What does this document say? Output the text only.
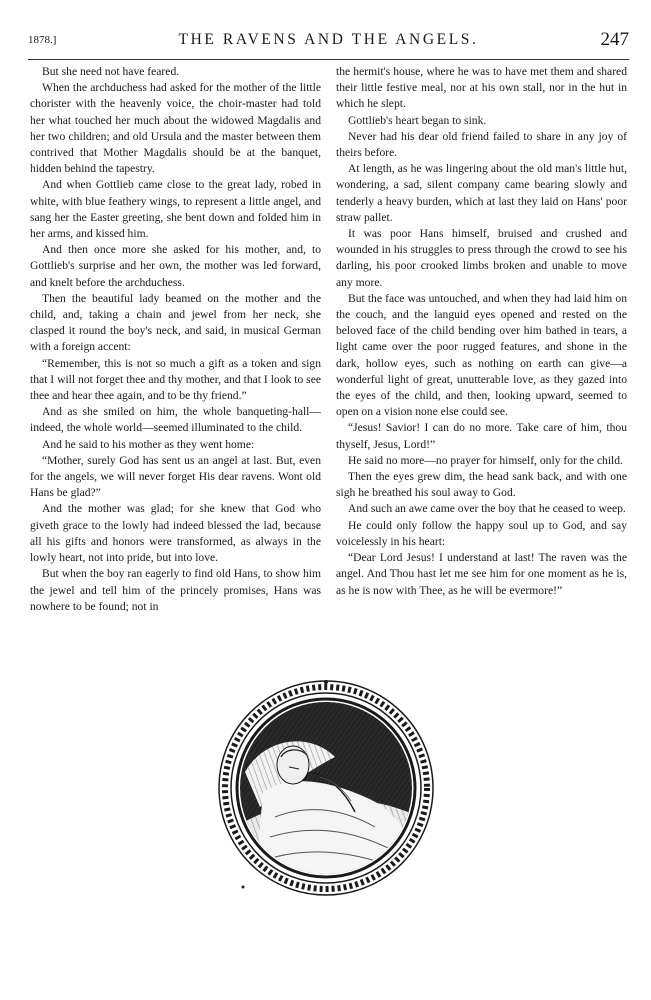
1878.]	THE RAVENS AND THE ANGELS.	247

But she need not have feared.

When the archduchess had asked for the mother of the little chorister with the heavenly voice, the choir-master had told her what touched her much about the widowed Magdalis and her two children; and old Ursula and the master between them contrived that Mother Magdalis should be at the banquet, hidden behind the tapestry.

And when Gottlieb came close to the great lady, robed in white, with blue feathery wings, to represent a little angel, and sang her the Easter greeting, she bent down and folded him in her arms, and kissed him.

And then once more she asked for his mother, and, to Gottlieb's surprise and her own, the mother was led forward, and knelt before the archduchess.

Then the beautiful lady beamed on the mother and the child, and, taking a chain and jewel from her neck, she clasped it round the boy's neck, and said, in musical German with a foreign accent:

“Remember, this is not so much a gift as a token and sign that I will not forget thee and thy mother, and that I look to see thee and hear thee again, and to be thy friend.”

And as she smiled on him, the whole banqueting-hall—indeed, the whole world—seemed illuminated to the child.

And he said to his mother as they went home:

“Mother, surely God has sent us an angel at last. But, even for the angels, we will never forget His dear ravens. Wont old Hans be glad?”

And the mother was glad; for she knew that God who giveth grace to the lowly had indeed blessed the lad, because all his gifts and honors were transformed, as always in the lowly heart, not into pride, but into love.

But when the boy ran eagerly to find old Hans, to show him the jewel and tell him of the princely promises, Hans was nowhere to be found; not in

the hermit's house, where he was to have met them and shared their little festive meal, nor at his own stall, nor in the hut in which he slept.

Gottlieb's heart began to sink.

Never had his dear old friend failed to share in any joy of theirs before.

At length, as he was lingering about the old man's little hut, wondering, a sad, silent company came bearing slowly and tenderly a heavy burden, which at last they laid on Hans' poor straw pallet.

It was poor Hans himself, bruised and crushed and wounded in his struggles to press through the crowd to see his darling, his poor crooked limbs broken and unable to move any more.

But the face was untouched, and when they had laid him on the couch, and the languid eyes opened and rested on the beloved face of the child bending over him bathed in tears, a light came over the poor rugged features, and shone in the dark, hollow eyes, such as nothing on earth can give—a wonderful light of great, unutterable love, as they gazed into the eyes of the child, and then, looking upward, seemed to open on a vision none else could see.

“Jesus! Savior! I can do no more. Take care of him, thou thyself, Jesus, Lord!”

He said no more—no prayer for himself, only for the child.

Then the eyes grew dim, the head sank back, and with one sigh he breathed his soul away to God.

And such an awe came over the boy that he ceased to weep.

He could only follow the happy soul up to God, and say voicelessly in his heart:

“Dear Lord Jesus! I understand at last! The raven was the angel. And Thou hast let me see him for one moment as he is, as he is now with Thee, as he will be evermore!”
